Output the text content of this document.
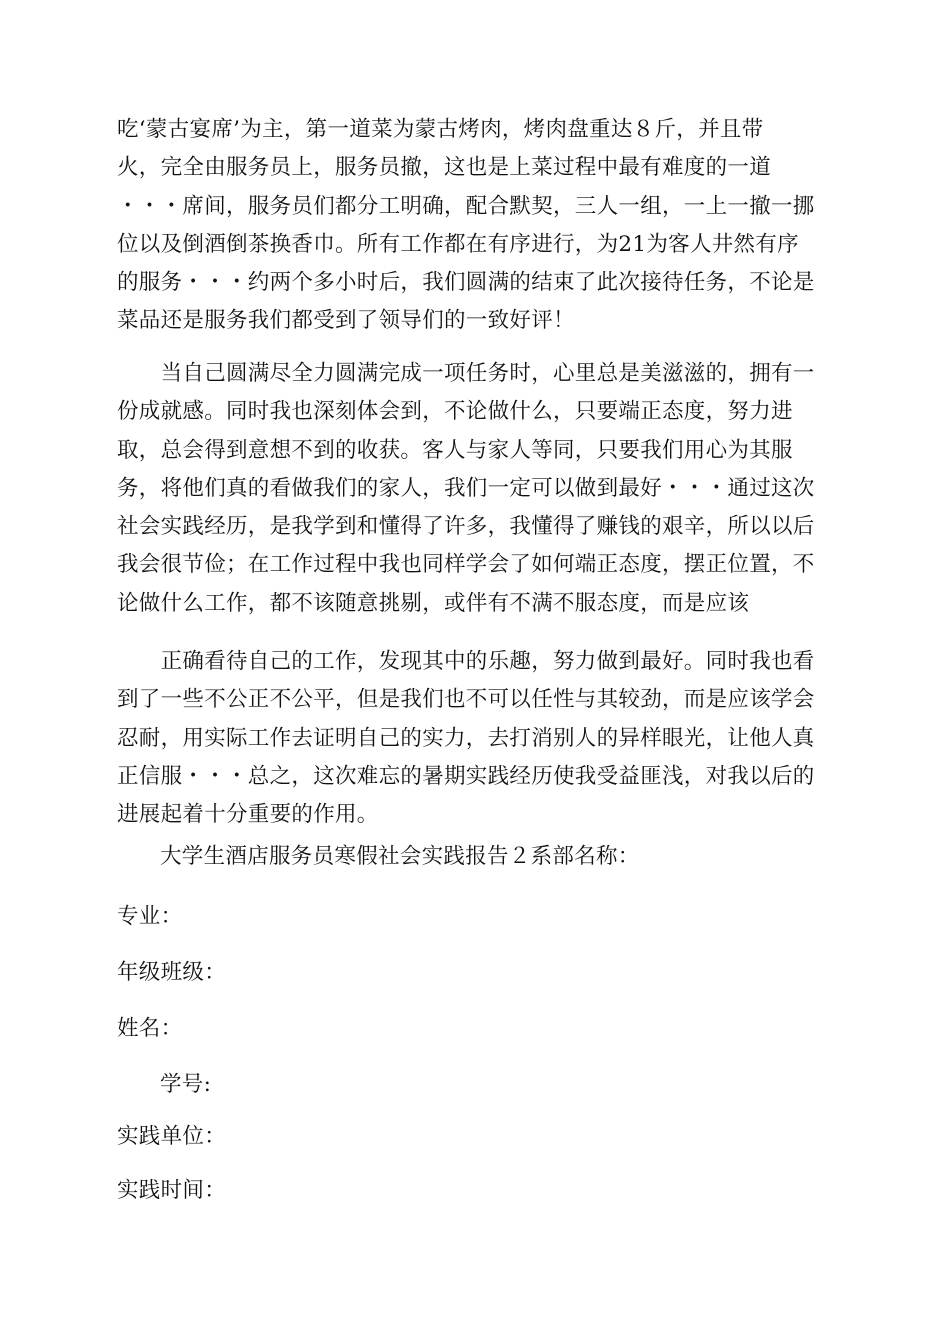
吃‘蒙古宴席’为主，第一道菜为蒙古烤肉，烤肉盘重达８斤，并且带
火，完全由服务员上，服务员撤，这也是上菜过程中最有难度的一道
・・・席间，服务员们都分工明确，配合默契，三人一组，一上一撤一挪
位以及倒酒倒茶换香巾。所有工作都在有序进行，为21为客人井然有序
的服务・・・约两个多小时后，我们圆满的结束了此次接待任务，不论是
菜品还是服务我们都受到了领导们的一致好评！

　　当自己圆满尽全力圆满完成一项任务时，心里总是美滋滋的，拥有一
份成就感。同时我也深刻体会到，不论做什么，只要端正态度，努力进
取，总会得到意想不到的收获。客人与家人等同，只要我们用心为其服
务，将他们真的看做我们的家人，我们一定可以做到最好・・・通过这次
社会实践经历，是我学到和懂得了许多，我懂得了赚钱的艰辛，所以以后
我会很节俭；在工作过程中我也同样学会了如何端正态度，摆正位置，不
论做什么工作，都不该随意挑剔，或伴有不满不服态度，而是应该

　　正确看待自己的工作，发现其中的乐趣，努力做到最好。同时我也看
到了一些不公正不公平，但是我们也不可以任性与其较劲，而是应该学会
忍耐，用实际工作去证明自己的实力，去打消别人的异样眼光，让他人真
正信服・・・总之，这次难忘的暑期实践经历使我受益匪浅，对我以后的
进展起着十分重要的作用。

大学生酒店服务员寒假社会实践报告２系部名称：

专业：

年级班级：

姓名：

学号:

实践单位：

实践时间：
